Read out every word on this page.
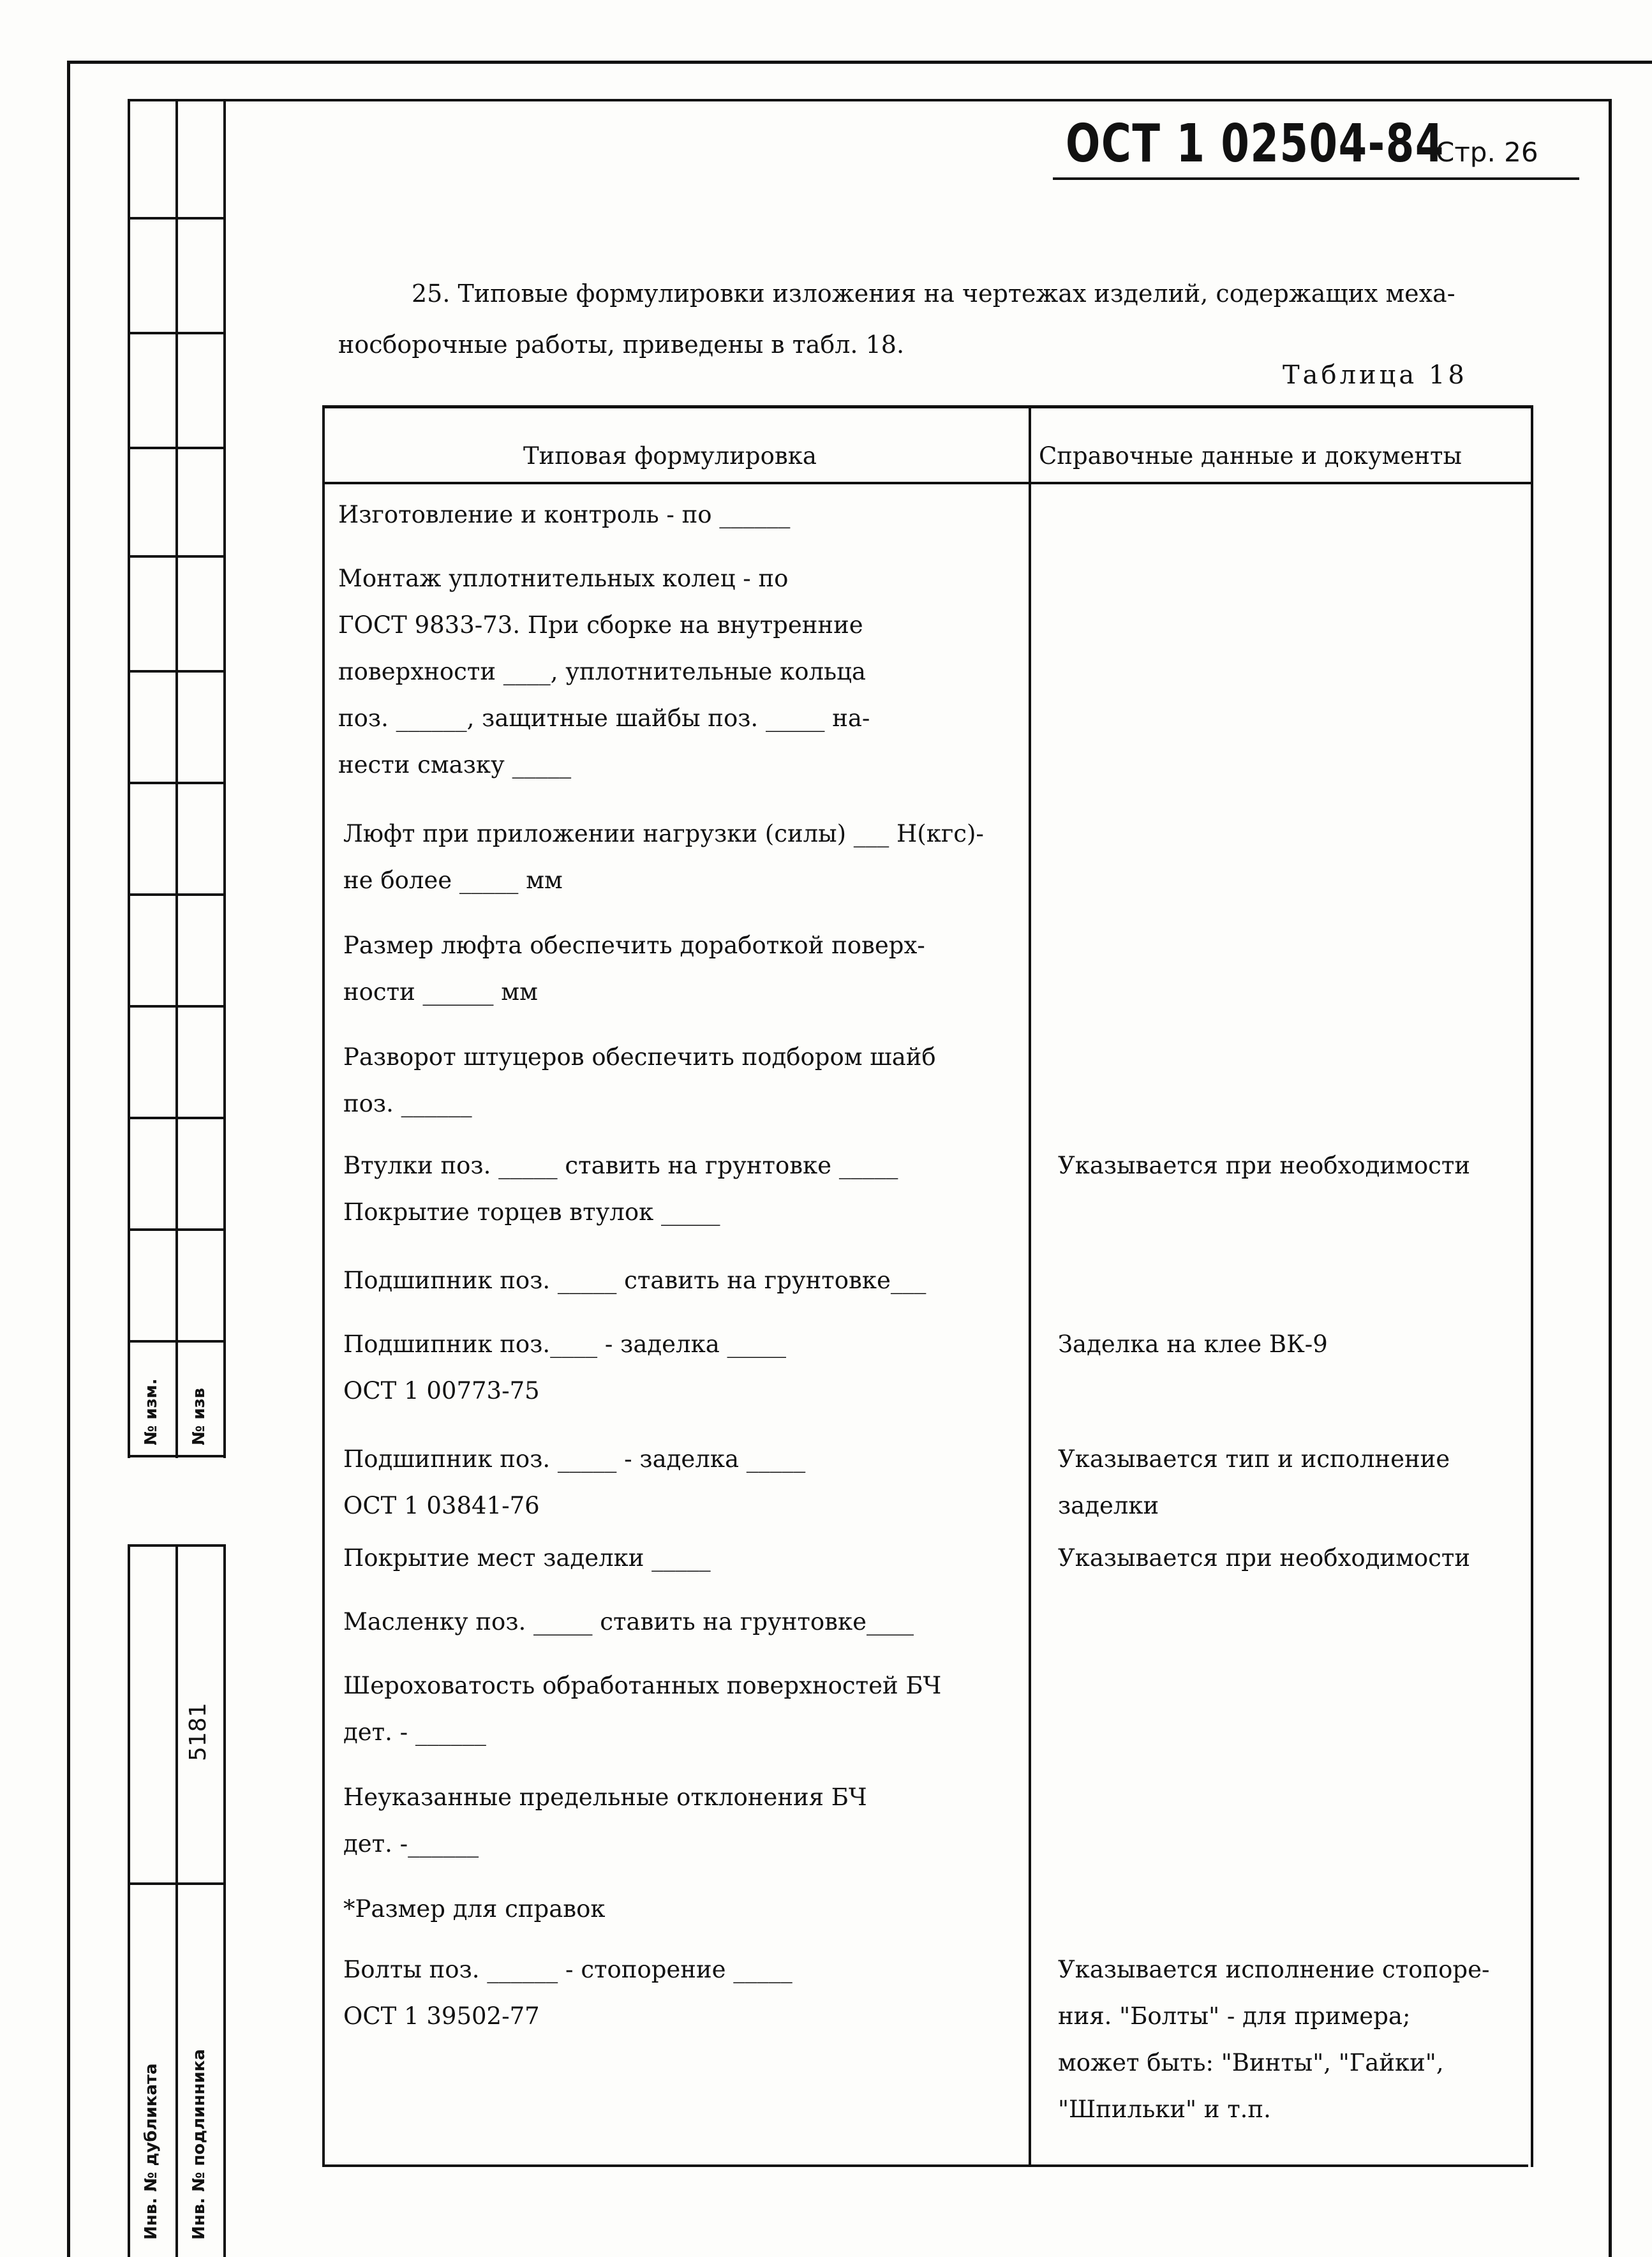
№ изм. № изв
5181
Инв. № дубликата Инв. № подлинника
ОСТ 1 02504-84
Стр. 26
25. Типовые формулировки изложения на чертежах изделий, содержащих меха-
носборочные работы, приведены в табл. 18.
Таблица 18
Типовая формулировка	Справочные данные и документы
Изготовление и контроль - по ______
Монтаж уплотнительных колец - по
ГОСТ 9833-73. При сборке на внутренние
поверхности ____, уплотнительные кольца
поз. ______, защитные шайбы поз. _____ на-
нести смазку _____
Люфт при приложении нагрузки (силы) ___ Н(кгс)-
не более _____ мм
Размер люфта обеспечить доработкой поверх-
ности ______ мм
Разворот штуцеров обеспечить подбором шайб
поз. ______
Втулки поз. _____ ставить на грунтовке _____
Покрытие торцев втулок _____
Указывается при необходимости
Подшипник поз. _____ ставить на грунтовке___
Подшипник поз.____ - заделка _____
ОСТ 1 00773-75
Заделка на клее ВК-9
Подшипник поз. _____ - заделка _____
ОСТ 1 03841-76
Указывается тип и исполнение
заделки
Покрытие мест заделки _____	Указывается при необходимости
Масленку поз. _____ ставить на грунтовке____
Шероховатость обработанных поверхностей БЧ
дет. - ______
Неуказанные предельные отклонения БЧ
дет. -______
*Размер для справок
Болты поз. ______ - стопорение _____
ОСТ 1 39502-77
Указывается исполнение стопоре-
ния. "Болты" - для примера;
может быть: "Винты", "Гайки",
"Шпильки" и т.п.
